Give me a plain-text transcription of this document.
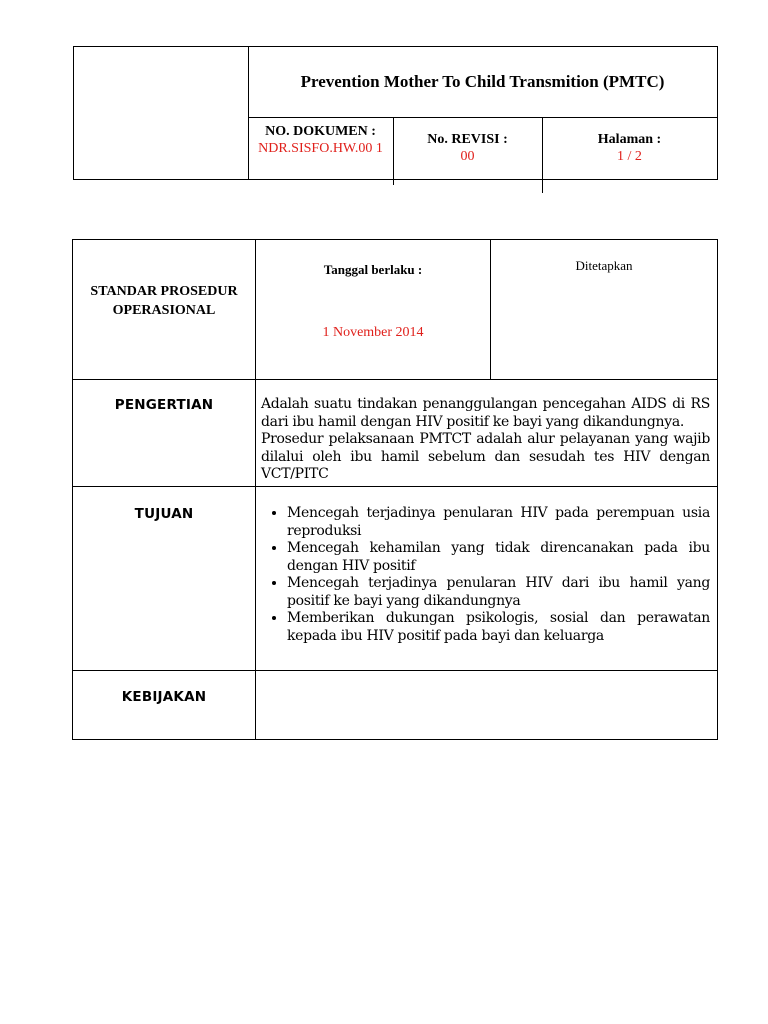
Prevention Mother To Child Transmition (PMTC)
NO. DOKUMEN :
NDR.SISFO.HW.00 1
No. REVISI :
00
Halaman :
1 / 2
STANDAR PROSEDUR OPERASIONAL
Tanggal berlaku :
1 November 2014
Ditetapkan
PENGERTIAN	Adalah suatu tindakan penanggulangan pencegahan AIDS di RS dari ibu hamil dengan HIV positif ke bayi yang dikandungnya.
Prosedur pelaksanaan PMTCT adalah alur pelayanan yang wajib dilalui oleh ibu hamil sebelum dan sesudah tes HIV dengan VCT/PITC
TUJUAN
•	Mencegah terjadinya penularan HIV pada perempuan usia reproduksi
• Mencegah kehamilan yang tidak direncanakan pada ibu dengan HIV positif
• Mencegah terjadinya penularan HIV dari ibu hamil yang positif ke bayi yang dikandungnya
• Memberikan dukungan psikologis, sosial dan perawatan kepada ibu HIV positif pada bayi dan keluarga
KEBIJAKAN
